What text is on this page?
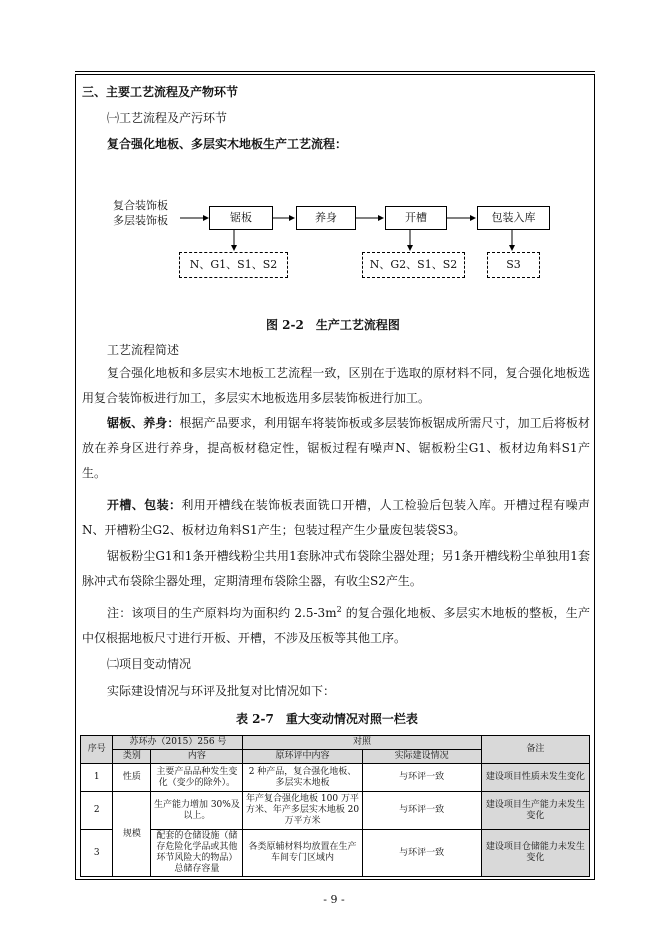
三、主要工艺流程及产物环节
㈠工艺流程及产污环节
复合强化地板、多层实木地板生产工艺流程：
复合装饰板
多层装饰板	锯板	养身	开槽	包装入库
N、G1、S1、S2	N、G2、S1、S2	S3
图 2-2　生产工艺流程图
工艺流程简述
复合强化地板和多层实木地板工艺流程一致，区别在于选取的原材料不同，复合强化地板选用复合装饰板进行加工，多层实木地板选用多层装饰板进行加工。
锯板、养身：根据产品要求，利用锯车将装饰板或多层装饰板锯成所需尺寸，加工后将板材放在养身区进行养身，提高板材稳定性，锯板过程有噪声N、锯板粉尘G1、板材边角料S1产生。
开槽、包装：利用开槽线在装饰板表面铣口开槽，人工检验后包装入库。开槽过程有噪声N、开槽粉尘G2、板材边角料S1产生；包装过程产生少量废包装袋S3。
锯板粉尘G1和1条开槽线粉尘共用1套脉冲式布袋除尘器处理；另1条开槽线粉尘单独用1套脉冲式布袋除尘器处理，定期清理布袋除尘器，有收尘S2产生。
注：该项目的生产原料均为面积约 $2.5-3m^2$ 的复合强化地板、多层实木地板的整板，生产中仅根据地板尺寸进行开板、开槽，不涉及压板等其他工序。
㈡项目变动情况
实际建设情况与环评及批复对比情况如下：
表 2-7　重大变动情况对照一栏表
序号	苏环办（2015）256 号		对照		备注
	类别	内容	原环评中内容	实际建设情况	
1	性质	主要产品品种发生变化（变少的除外）。	2 种产品，复合强化地板、多层实木地板	与环评一致	建设项目性质未发生变化
2	规模	生产能力增加 30%及以上。	年产复合强化地板 100 万平方米、年产多层实木地板 20 万平方米	与环评一致	建设项目生产能力未发生变化
3		配套的仓储设施（储存危险化学品或其他环节风险大的物品）总储存容量	各类原辅材料均放置在生产车间专门区域内	与环评一致	建设项目仓储能力未发生变化
- 9 -
